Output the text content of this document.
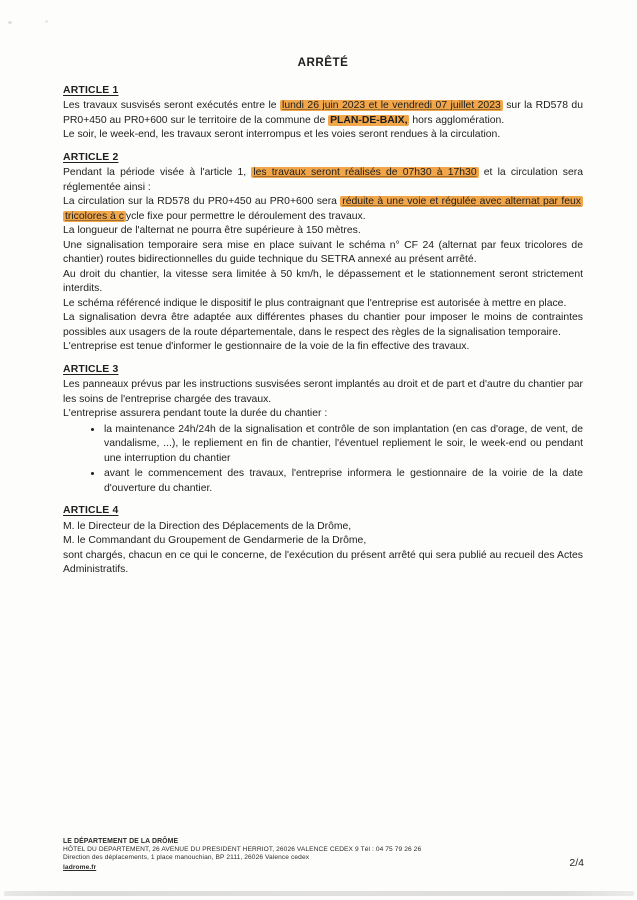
ARRÊTÉ
ARTICLE 1

Les travaux susvisés seront exécutés entre le lundi 26 juin 2023 et le vendredi 07 juillet 2023 sur la RD578 du PR0+450 au PR0+600 sur le territoire de la commune de PLAN-DE-BAIX, hors agglomération.

Le soir, le week-end, les travaux seront interrompus et les voies seront rendues à la circulation.

ARTICLE 2

Pendant la période visée à l'article 1, les travaux seront réalisés de 07h30 à 17h30 et la circulation sera réglementée ainsi :

La circulation sur la RD578 du PR0+450 au PR0+600 sera réduite à une voie et régulée avec alternat par feux tricolores à c ycle fixe pour permettre le déroulement des travaux.

La longueur de l'alternat ne pourra être supérieure à 150 mètres.

Une signalisation temporaire sera mise en place suivant le schéma n° CF 24 (alternat par feux tricolores de chantier) routes bidirectionnelles du guide technique du SETRA annexé au présent arrêté.

Au droit du chantier, la vitesse sera limitée à 50 km/h, le dépassement et le stationnement seront strictement interdits.

Le schéma référencé indique le dispositif le plus contraignant que l'entreprise est autorisée à mettre en place.

La signalisation devra être adaptée aux différentes phases du chantier pour imposer le moins de contraintes possibles aux usagers de la route départementale, dans le respect des règles de la signalisation temporaire.

L'entreprise est tenue d'informer le gestionnaire de la voie de la fin effective des travaux.

ARTICLE 3

Les panneaux prévus par les instructions susvisées seront implantés au droit et de part et d'autre du chantier par les soins de l'entreprise chargée des travaux.

L'entreprise assurera pendant toute la durée du chantier :

• la maintenance 24h/24h de la signalisation et contrôle de son implantation (en cas d'orage, de vent, de vandalisme, ...), le repliement en fin de chantier, l'éventuel repliement le soir, le week-end ou pendant une interruption du chantier
• avant le commencement des travaux, l'entreprise informera le gestionnaire de la voirie de la date d'ouverture du chantier.
ARTICLE 4

M. le Directeur de la Direction des Déplacements de la Drôme,

M. le Commandant du Groupement de Gendarmerie de la Drôme,

sont chargés, chacun en ce qui le concerne, de l'exécution du présent arrêté qui sera publié au recueil des Actes Administratifs.

LE DÉPARTEMENT DE LA DRÔME
HÔTEL DU DEPARTEMENT, 26 AVENUE DU PRESIDENT HERRIOT, 26026 VALENCE CEDEX 9 Tél : 04 75 79 26 26
Direction des déplacements, 1 place manouchian, BP 2111, 26026 Valence cedex
ladrome.fr	2/4
